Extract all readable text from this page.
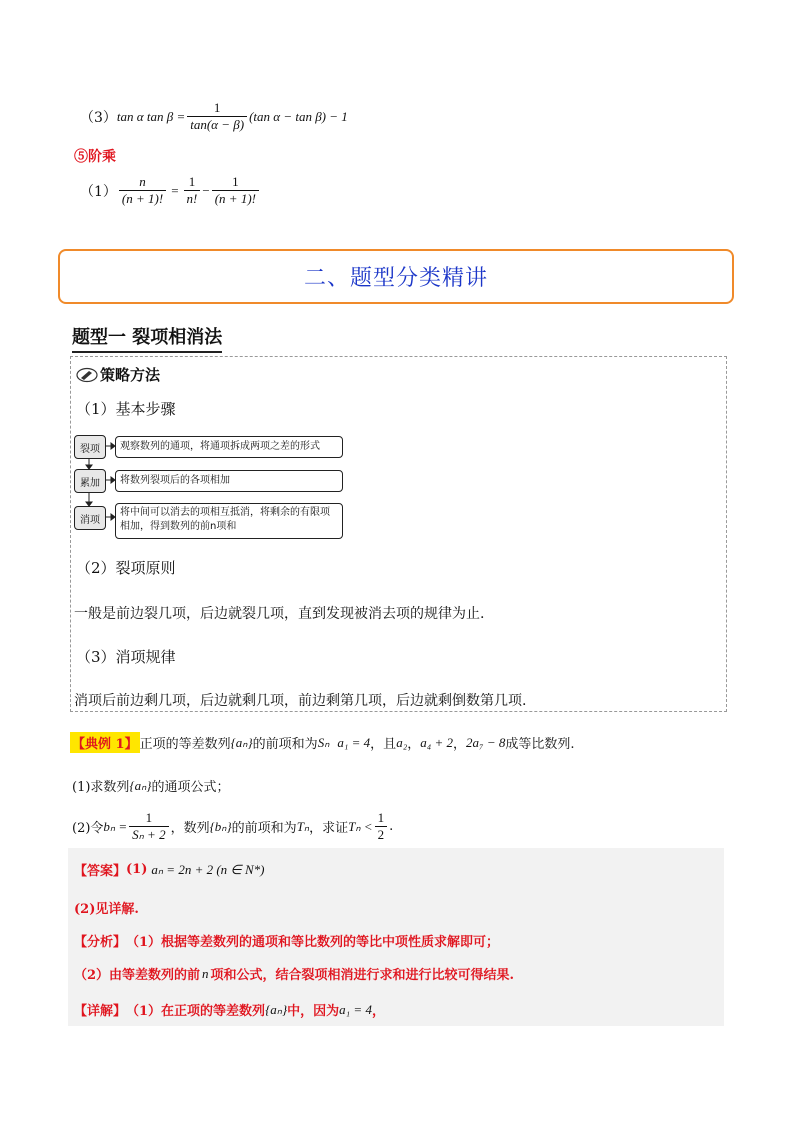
（3） tan α $\tan \beta = \frac{1}{\tan(\alpha - \beta)} (\tan$ α − tan β) − 1
⑤阶乘
$(1) \frac{n}{(n + 1)!} = \frac{1}{n!} - \frac{1}{(n + 1)!}$
二、题型分类精讲
题型一 裂项相消法
策略方法
（1）基本步骤
裂项
累加
消项
观察数列的通项，将通项拆成两项之差的形式
将数列裂项后的各项相加
将中间可以消去的项相互抵消，将剩余的有限项相加，得到数列的前n项和
（2）裂项原则
一般是前边裂几项，后边就裂几项，直到发现被消去项的规律为止.
（3）消项规律
消项后前边剩几项，后边就剩几项，前边剩第几项，后边就剩倒数第几项.
【典例 1】 正项的等差数列 {aₙ} 的前项和为 Sₙ a₁ = 4 ，且 a₂ ， a₄ + 2 ， 2a₇ − 8 成等比数列.
(1)求数列 {aₙ} 的通项公式；
(2)令 $b_n = \frac{1}{\text{Sₙ + 2}}$ ，数列 {bₙ} 的前项和为 Tₙ ，求证 $T_n < \frac{1}{2}$ .
【答案】 (1) aₙ = 2n + 2 (n ∈ N*)
(2)见详解.
【分析】 （1）根据等差数列的通项和等比数列的等比中项性质求解即可；
（2）由等差数列的前 n 项和公式，结合裂项相消进行求和进行比较可得结果.
【详解】 （1）在正项的等差数列 {aₙ} 中，因为 a₁ = 4 ，
